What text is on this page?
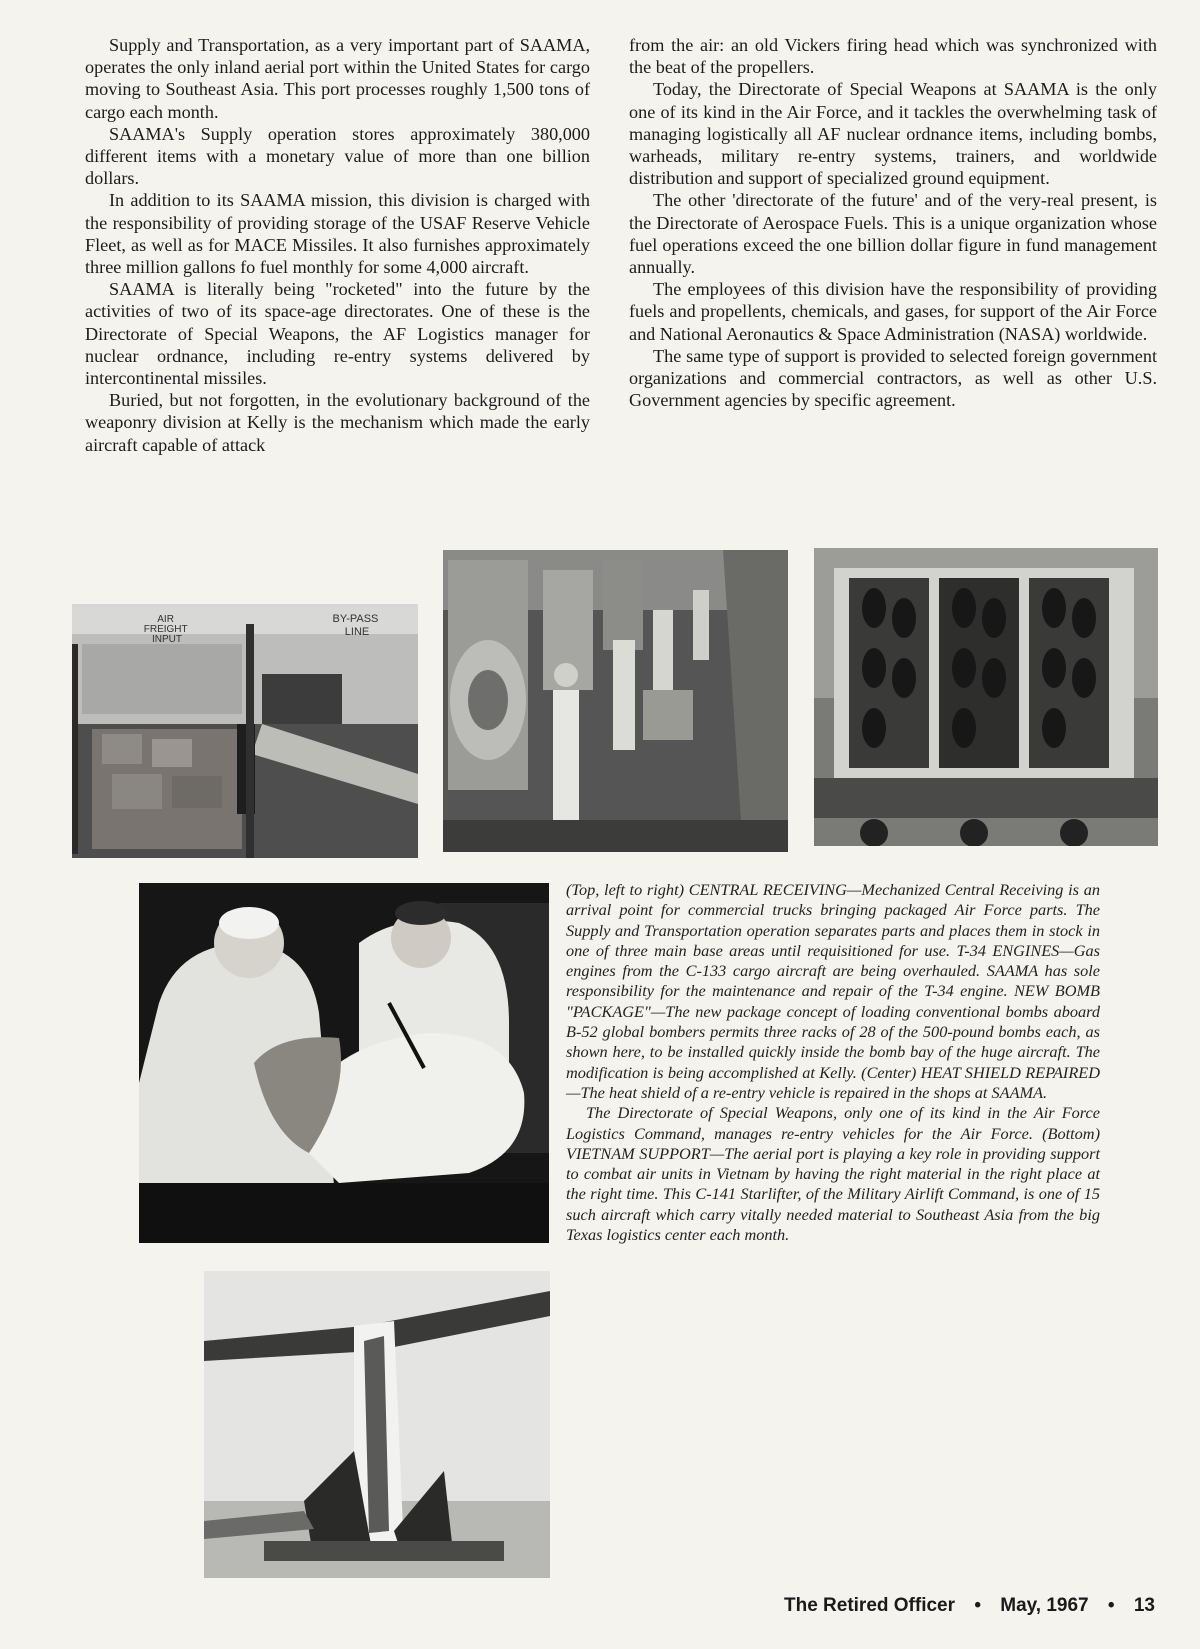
Supply and Transportation, as a very important part of SAAMA, operates the only inland aerial port within the United States for cargo moving to Southeast Asia. This port processes roughly 1,500 tons of cargo each month.

SAAMA's Supply operation stores approximately 380,000 different items with a monetary value of more than one billion dollars.

In addition to its SAAMA mission, this division is charged with the responsibility of providing storage of the USAF Reserve Vehicle Fleet, as well as for MACE Missiles. It also furnishes approximately three million gallons fo fuel monthly for some 4,000 aircraft.

SAAMA is literally being "rocketed" into the future by the activities of two of its space-age directorates. One of these is the Directorate of Special Weapons, the AF Logistics manager for nuclear ordnance, including re-entry systems delivered by intercontinental missiles.

Buried, but not forgotten, in the evolutionary background of the weaponry division at Kelly is the mechanism which made the early aircraft capable of attack

from the air: an old Vickers firing head which was synchronized with the beat of the propellers.

Today, the Directorate of Special Weapons at SAAMA is the only one of its kind in the Air Force, and it tackles the overwhelming task of managing logistically all AF nuclear ordnance items, including bombs, warheads, military re-entry systems, trainers, and worldwide distribution and support of specialized ground equipment.

The other 'directorate of the future' and of the very-real present, is the Directorate of Aerospace Fuels. This is a unique organization whose fuel operations exceed the one billion dollar figure in fund management annually.

The employees of this division have the responsibility of providing fuels and propellents, chemicals, and gases, for support of the Air Force and National Aeronautics & Space Administration (NASA) worldwide.

The same type of support is provided to selected foreign government organizations and commercial contractors, as well as other U.S. Government agencies by specific agreement.

AIR FREIGHT INPUT
BY-PASS LINE

(Top, left to right) CENTRAL RECEIVING—Mechanized Central Receiving is an arrival point for commercial trucks bringing packaged Air Force parts. The Supply and Transportation operation separates parts and places them in stock in one of three main base areas until requisitioned for use. T-34 ENGINES—Gas engines from the C-133 cargo aircraft are being overhauled. SAAMA has sole responsibility for the maintenance and repair of the T-34 engine. NEW BOMB "PACKAGE"—The new package concept of loading conventional bombs aboard B-52 global bombers permits three racks of 28 of the 500-pound bombs each, as shown here, to be installed quickly inside the bomb bay of the huge aircraft. The modification is being accomplished at Kelly. (Center) HEAT SHIELD REPAIRED—The heat shield of a re-entry vehicle is repaired in the shops at SAAMA.

The Directorate of Special Weapons, only one of its kind in the Air Force Logistics Command, manages re-entry vehicles for the Air Force. (Bottom) VIETNAM SUPPORT—The aerial port is playing a key role in providing support to combat air units in Vietnam by having the right material in the right place at the right time. This C-141 Starlifter, of the Military Airlift Command, is one of 15 such aircraft which carry vitally needed material to Southeast Asia from the big Texas logistics center each month.

The Retired Officer • May, 1967 • 13
